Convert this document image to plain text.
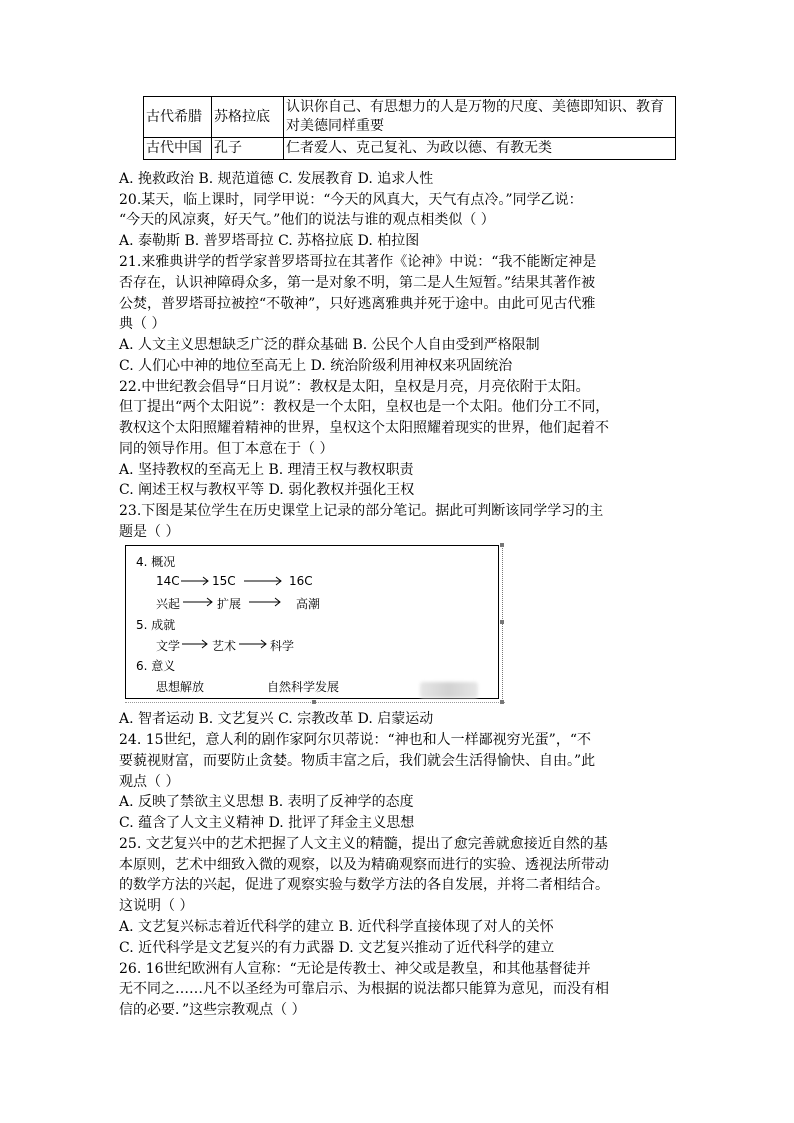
古代希腊	苏格拉底	认识你自己、有思想力的人是万物的尺度、美德即知识、教育对美德同样重要
古代中国	孔子	仁者爱人、克己复礼、为政以德、有教无类
A. 挽救政治 B. 规范道德 C. 发展教育 D. 追求人性
20.某天，临上课时，同学甲说：“今天的风真大，天气有点冷。”同学乙说：
“今天的风凉爽，好天气。”他们的说法与谁的观点相类似（ ）
A. 泰勒斯 B. 普罗塔哥拉 C. 苏格拉底 D. 柏拉图
21.来雅典讲学的哲学家普罗塔哥拉在其著作《论神》中说：“我不能断定神是
否存在，认识神障碍众多，第一是对象不明，第二是人生短暂。”结果其著作被
公焚，普罗塔哥拉被控“不敬神”，只好逃离雅典并死于途中。由此可见古代雅
典（ ）
A. 人文主义思想缺乏广泛的群众基础 B. 公民个人自由受到严格限制
C. 人们心中神的地位至高无上 D. 统治阶级利用神权来巩固统治
22.中世纪教会倡导“日月说”：教权是太阳，皇权是月亮，月亮依附于太阳。
但丁提出“两个太阳说”：教权是一个太阳，皇权也是一个太阳。他们分工不同，
教权这个太阳照耀着精神的世界，皇权这个太阳照耀着现实的世界，他们起着不
同的领导作用。但丁本意在于（ ）
A. 坚持教权的至高无上 B. 理清王权与教权职责
C. 阐述王权与教权平等 D. 弱化教权并强化王权
23.下图是某位学生在历史课堂上记录的部分笔记。据此可判断该同学学习的主
题是（ ）
4. 概况
14C	15C	16C
兴起	扩展	高潮
5. 成就
文学	艺术	科学
6. 意义
思想解放	自然科学发展
A. 智者运动 B. 文艺复兴 C. 宗教改革 D. 启蒙运动
24. 15世纪，意人利的剧作家阿尔贝蒂说：“神也和人一样鄙视穷光蛋”，“不
要藐视财富，而要防止贪婪。物质丰富之后，我们就会生活得愉快、自由。”此
观点（ ）
A. 反映了禁欲主义思想 B. 表明了反神学的态度
C. 蕴含了人文主义精神 D. 批评了拜金主义思想
25. 文艺复兴中的艺术把握了人文主义的精髓，提出了愈完善就愈接近自然的基
本原则，艺术中细致入微的观察，以及为精确观察而进行的实验、透视法所带动
的数学方法的兴起，促进了观察实验与数学方法的各自发展，并将二者相结合。
这说明（ ）
A. 文艺复兴标志着近代科学的建立 B. 近代科学直接体现了对人的关怀
C. 近代科学是文艺复兴的有力武器 D. 文艺复兴推动了近代科学的建立
26. 16世纪欧洲有人宣称：“无论是传教士、神父或是教皇，和其他基督徒并
无不同之……凡不以圣经为可靠启示、为根据的说法都只能算为意见，而没有相
信的必要．”这些宗教观点（ ）
